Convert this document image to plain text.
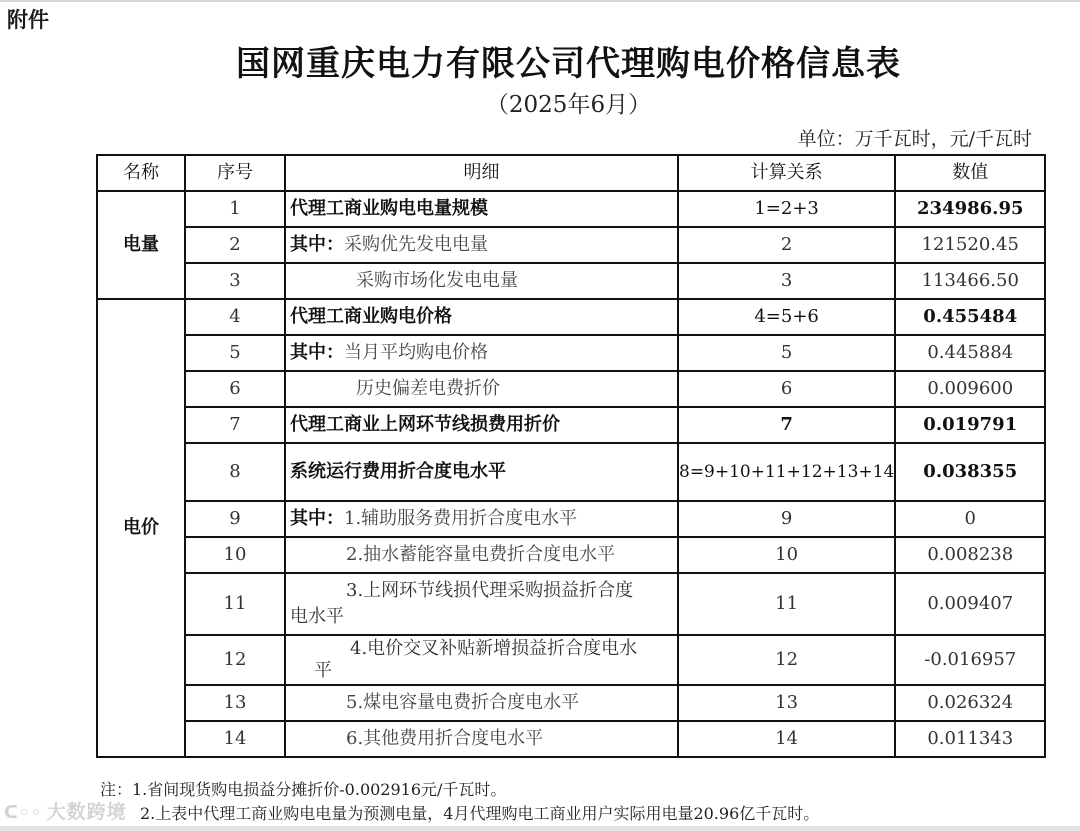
附件
国网重庆电力有限公司代理购电价格信息表
（2025年6月）
单位：万千瓦时，元/千瓦时
名称	序号	明细	计算关系	数值
电量	1	代理工商业购电电量规模	1=2+3	234986.95
	2	其中：采购优先发电电量	2	121520.45
	3	采购市场化发电电量	3	113466.50
电价	4	代理工商业购电价格	4=5+6	0.455484
	5	其中：当月平均购电价格	5	0.445884
	6	历史偏差电费折价	6	0.009600
	7	代理工商业上网环节线损费用折价	7	0.019791
	8	系统运行费用折合度电水平	8=9+10+11+12+13+14	0.038355
	9	其中：1.辅助服务费用折合度电水平	9	0
	10	2.抽水蓄能容量电费折合度电水平	10	0.008238
	11	3.上网环节线损代理采购损益折合度
电水平	11	0.009407
	12	4.电价交叉补贴新增损益折合度电水
平	12	-0.016957
	13	5.煤电容量电费折合度电水平	13	0.026324
	14	6.其他费用折合度电水平	14	0.011343
注：1.省间现货购电损益分摊折价-0.002916元/千瓦时。
2.上表中代理工商业购电电量为预测电量，4月代理购电工商业用户实际用电量20.96亿千瓦时。
ᑕ◦◦ 大数跨境
